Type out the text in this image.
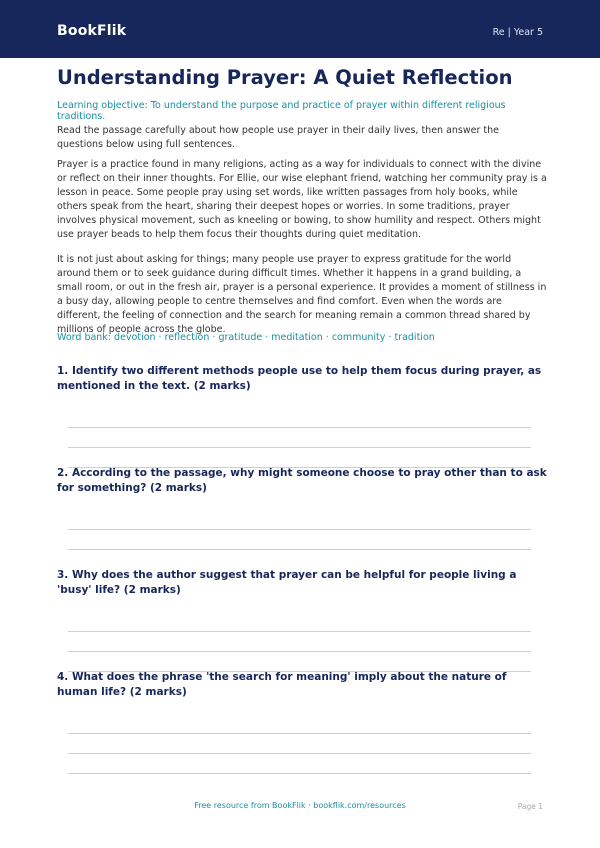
BookFlik	Re | Year 5
Understanding Prayer: A Quiet Reflection

Learning objective: To understand the purpose and practice of prayer within different religious traditions.

Read the passage carefully about how people use prayer in their daily lives, then answer the questions below using full sentences.

Prayer is a practice found in many religions, acting as a way for individuals to connect with the divine or reflect on their inner thoughts. For Ellie, our wise elephant friend, watching her community pray is a lesson in peace. Some people pray using set words, like written passages from holy books, while others speak from the heart, sharing their deepest hopes or worries. In some traditions, prayer involves physical movement, such as kneeling or bowing, to show humility and respect. Others might use prayer beads to help them focus their thoughts during quiet meditation.

It is not just about asking for things; many people use prayer to express gratitude for the world around them or to seek guidance during difficult times. Whether it happens in a grand building, a small room, or out in the fresh air, prayer is a personal experience. It provides a moment of stillness in a busy day, allowing people to centre themselves and find comfort. Even when the words are different, the feeling of connection and the search for meaning remain a common thread shared by millions of people across the globe.

Word bank: devotion · reflection · gratitude · meditation · community · tradition

1. Identify two different methods people use to help them focus during prayer, as mentioned in the text. (2 marks)

2. According to the passage, why might someone choose to pray other than to ask for something? (2 marks)

3. Why does the author suggest that prayer can be helpful for people living a 'busy' life? (2 marks)

4. What does the phrase 'the search for meaning' imply about the nature of human life? (2 marks)

Free resource from BookFlik · bookflik.com/resources	Page 1
